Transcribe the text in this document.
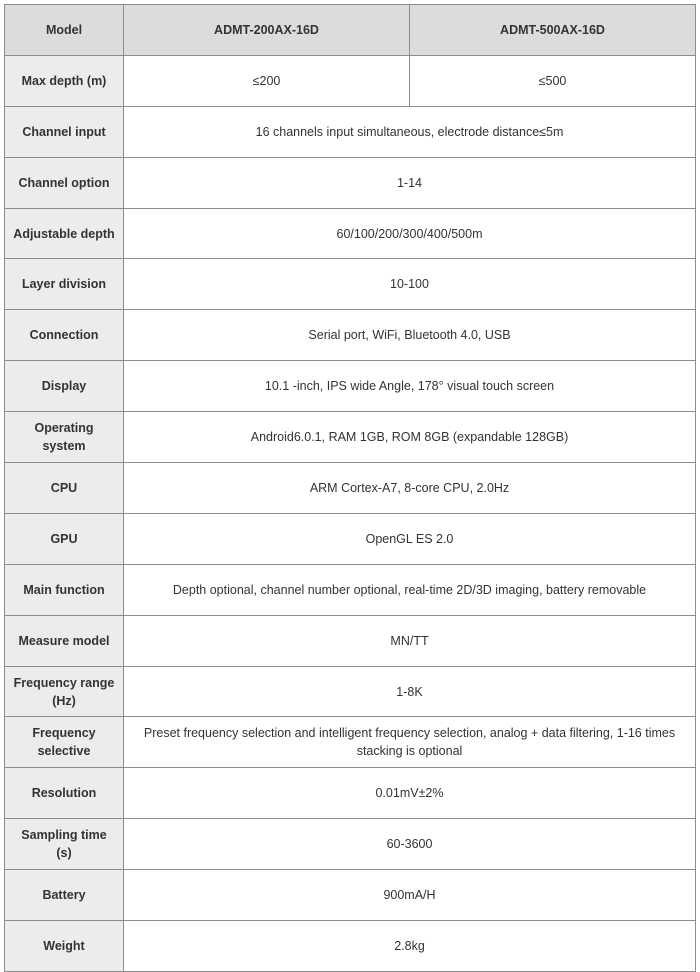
Model	ADMT-200AX-16D	ADMT-500AX-16D
Max depth (m)	≤200	≤500
Channel input	16 channels input simultaneous, electrode distance≤5m	
Channel option	1-14	
Adjustable depth	60/100/200/300/400/500m	
Layer division	10-100	
Connection	Serial port, WiFi, Bluetooth 4.0, USB	
Display	10.1 -inch, IPS wide Angle, 178° visual touch screen	
Operating system	Android6.0.1, RAM 1GB, ROM 8GB (expandable 128GB)	
CPU	ARM Cortex-A7, 8-core CPU, 2.0Hz	
GPU	OpenGL ES 2.0	
Main function	Depth optional, channel number optional, real-time 2D/3D imaging, battery removable	
Measure model	MN/TT	
Frequency range (Hz)	1-8K	
Frequency selective	Preset frequency selection and intelligent frequency selection, analog + data filtering, 1-16 times stacking is optional	
Resolution	0.01mV±2%	
Sampling time (s)	60-3600	
Battery	900mA/H	
Weight	2.8kg	
